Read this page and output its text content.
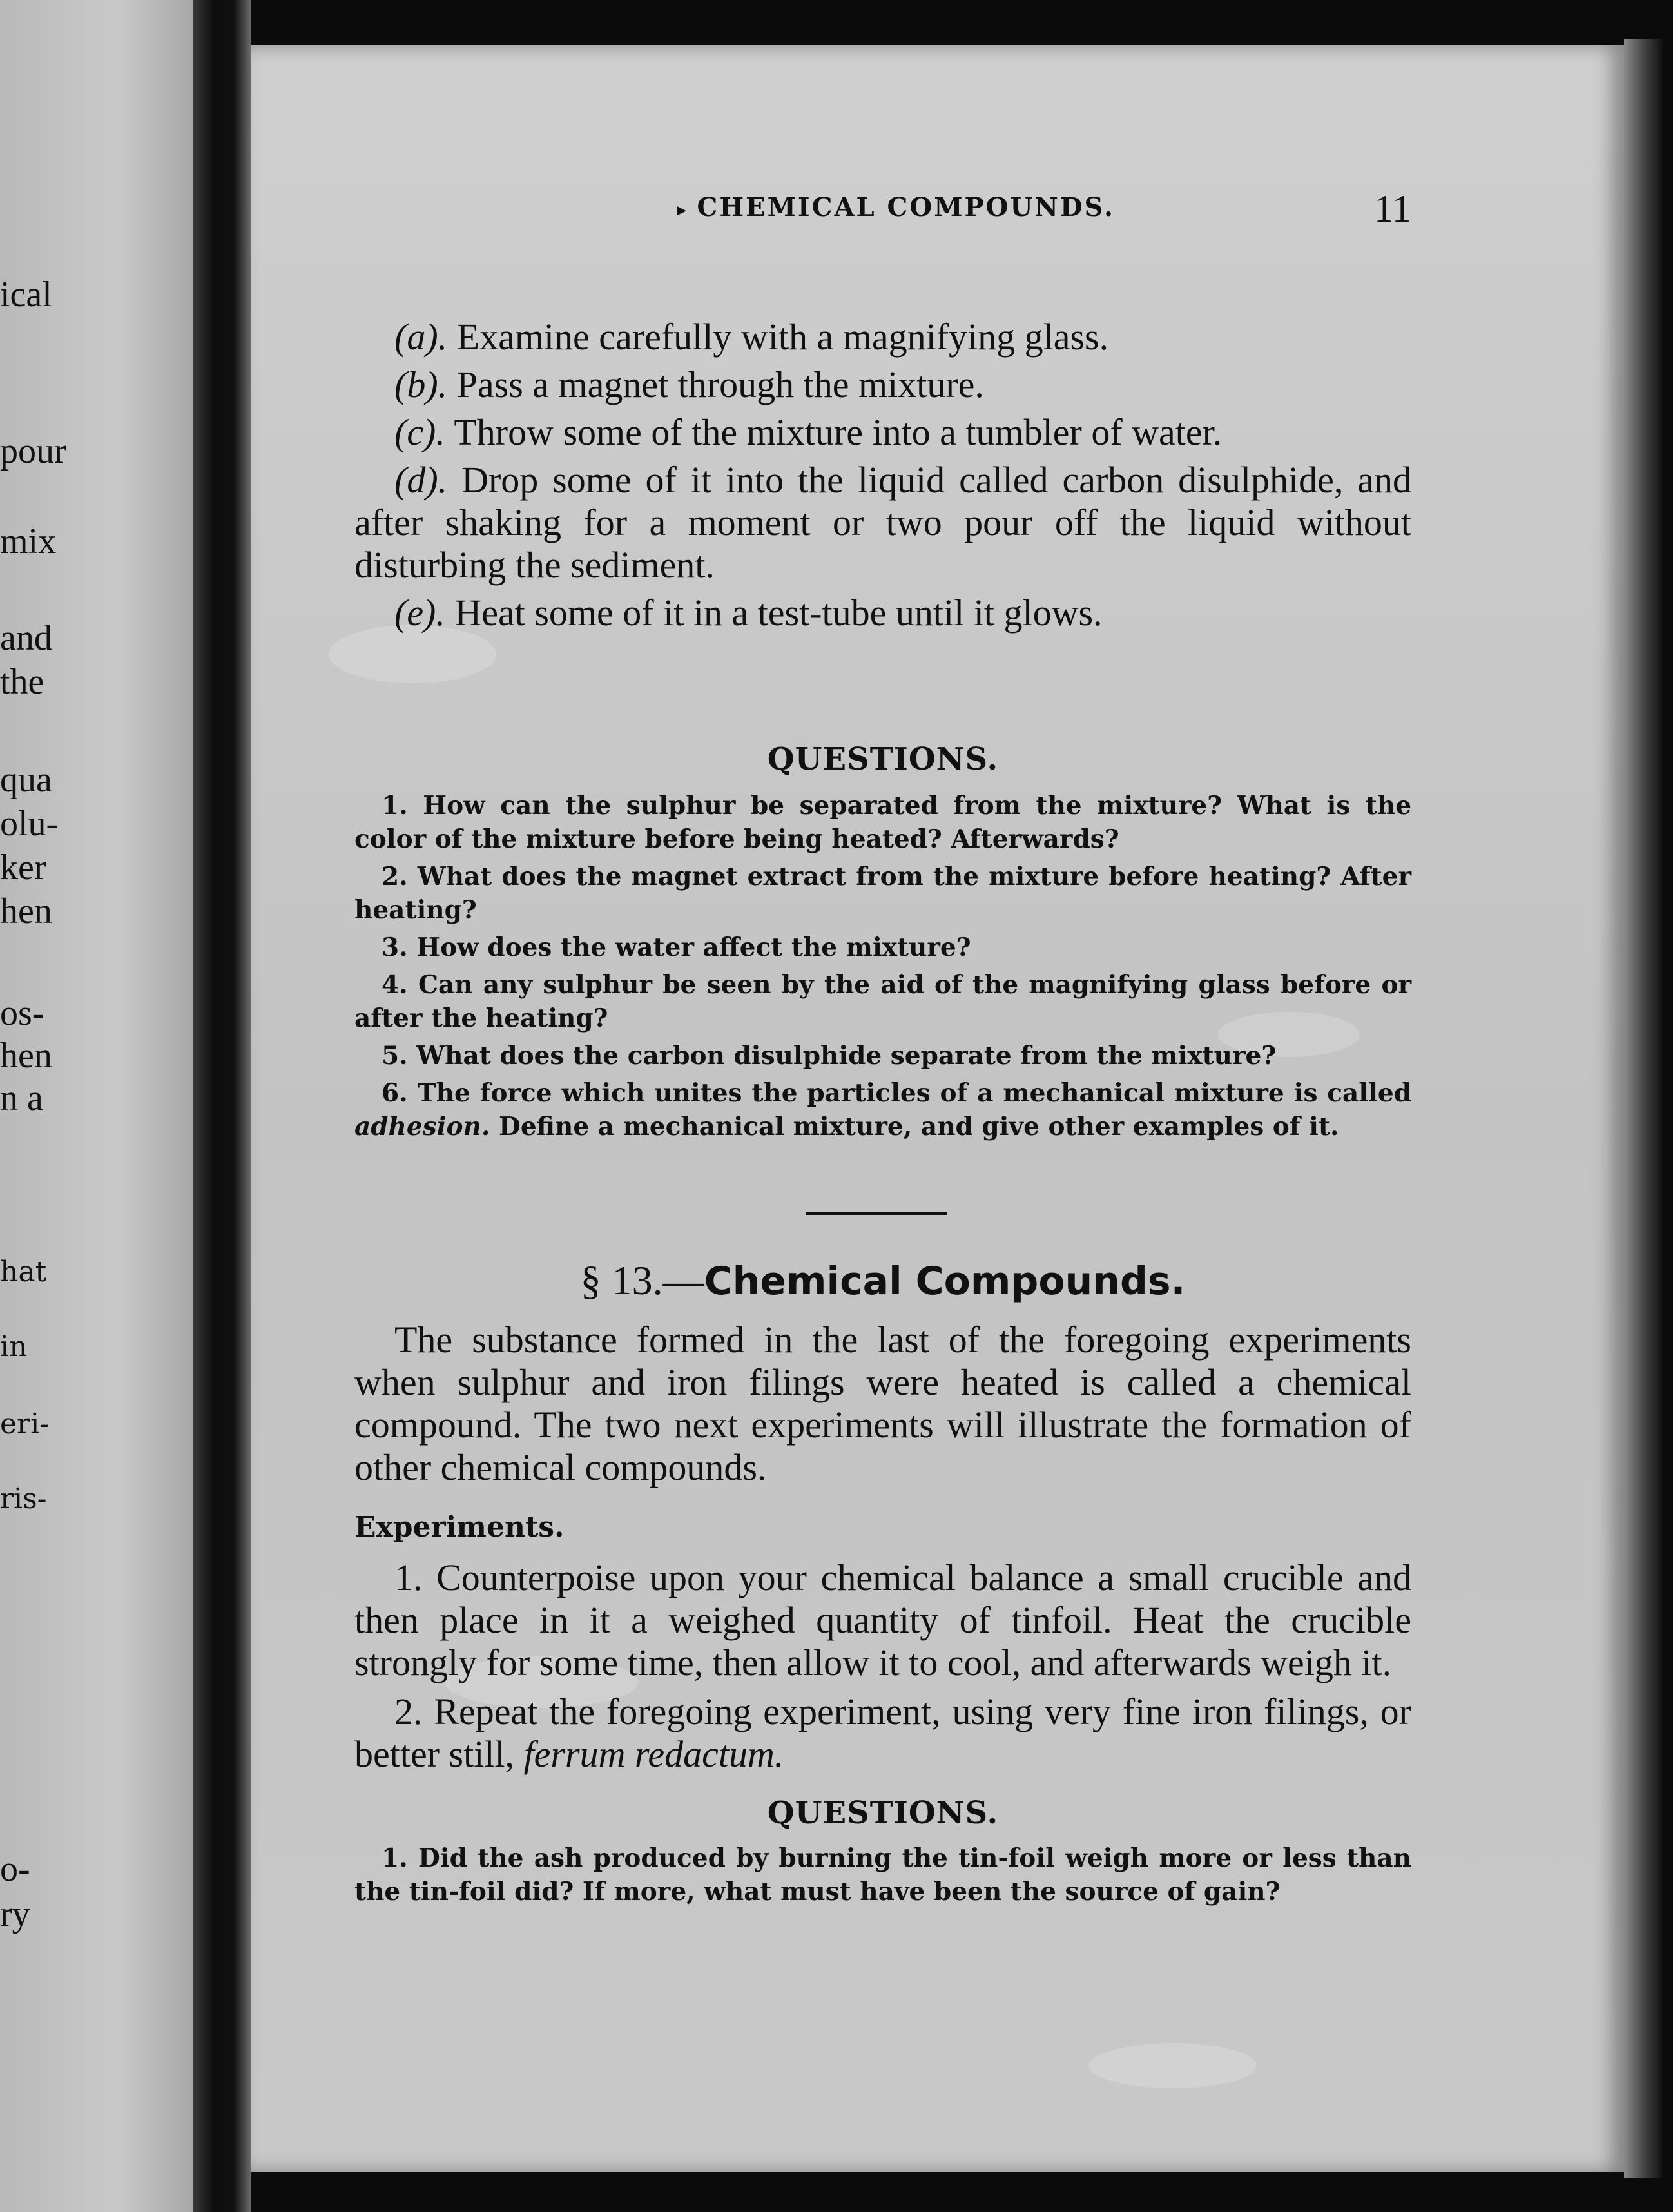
ical
pour
mix
and
the
qua
olu-
ker
hen
os-
hen
n a
hat
in
eri-
ris-
o-
ry
▸ CHEMICAL COMPOUNDS.	11

(a). Examine carefully with a magnifying glass.

(b). Pass a magnet through the mixture.

(c). Throw some of the mixture into a tumbler of water.

(d). Drop some of it into the liquid called carbon disulphide, and after shaking for a moment or two pour off the liquid without disturbing the sediment.

(e). Heat some of it in a test-tube until it glows.

QUESTIONS.

1. How can the sulphur be separated from the mixture? What is the color of the mixture before being heated? Afterwards?

2. What does the magnet extract from the mixture before heating? After heating?

3. How does the water affect the mixture?

4. Can any sulphur be seen by the aid of the magnifying glass before or after the heating?

5. What does the carbon disulphide separate from the mixture?

6. The force which unites the particles of a mechanical mixture is called adhesion. Define a mechanical mixture, and give other examples of it.

§ 13.—Chemical Compounds.

The substance formed in the last of the foregoing experiments when sulphur and iron filings were heated is called a chemical compound. The two next experiments will illustrate the formation of other chemical compounds.

Experiments.

1. Counterpoise upon your chemical balance a small crucible and then place in it a weighed quantity of tinfoil. Heat the crucible strongly for some time, then allow it to cool, and afterwards weigh it.

2. Repeat the foregoing experiment, using very fine iron filings, or better still, ferrum redactum.

QUESTIONS.

1. Did the ash produced by burning the tin-foil weigh more or less than the tin-foil did? If more, what must have been the source of gain?
